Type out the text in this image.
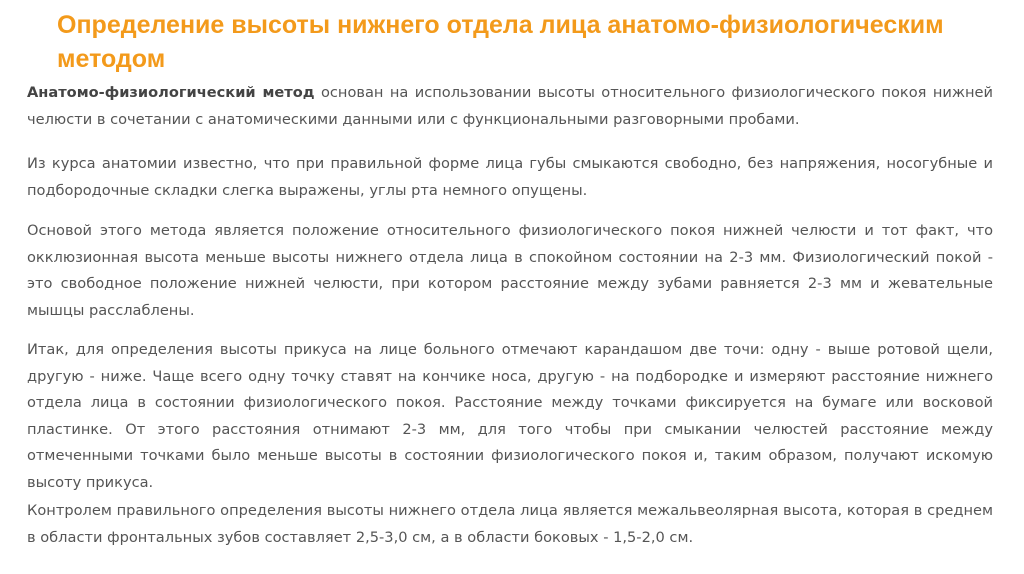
Определение высоты нижнего отдела лица анатомо-физиологическим методом

Анатомо-физиологический метод основан на использовании высоты относительного физиологического покоя нижней челюсти в сочетании с анатомическими данными или с функциональными разговорными пробами.

Из курса анатомии известно, что при правильной форме лица губы смыкаются свободно, без напряжения, носогубные и подбородочные складки слегка выражены, углы рта немного опущены.

Основой этого метода является положение относительного физиологического покоя нижней челюсти и тот факт, что окклюзионная высота меньше высоты нижнего отдела лица в спокойном состоянии на 2-3 мм. Физиологический покой - это свободное положение нижней челюсти, при котором расстояние между зубами равняется 2-3 мм и жевательные мышцы расслаблены.

Итак, для определения высоты прикуса на лице больного отмечают карандашом две точи: одну - выше ротовой щели, другую - ниже. Чаще всего одну точку ставят на кончике носа, другую - на подбородке и измеряют расстояние нижнего отдела лица в состоянии физиологического покоя. Расстояние между точками фиксируется на бумаге или восковой пластинке. От этого расстояния отнимают 2-3 мм, для того чтобы при смыкании челюстей расстояние между отмеченными точками было меньше высоты в состоянии физиологического покоя и, таким образом, получают искомую высоту прикуса.

Контролем правильного определения высоты нижнего отдела лица является межальвеолярная высота, которая в среднем в области фронтальных зубов составляет 2,5-3,0 см, а в области боковых - 1,5-2,0 см.
